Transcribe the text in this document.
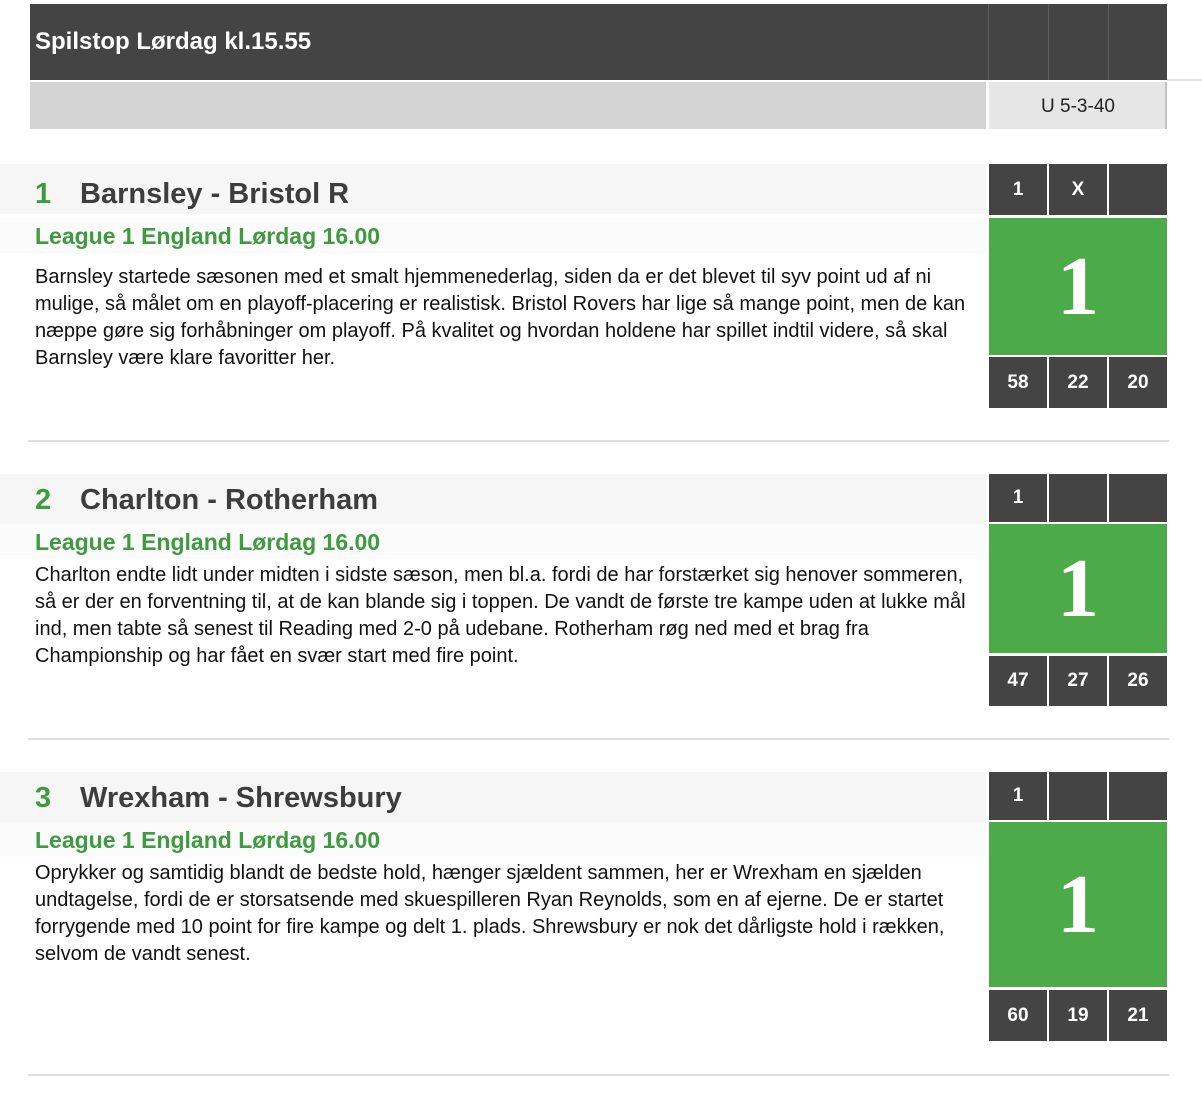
Spilstop Lørdag kl.15.55
U 5-3-40
1 Barnsley - Bristol R
League 1 England Lørdag 16.00
Barnsley startede sæsonen med et smalt hjemmenederlag, siden da er det blevet til syv point ud af ni mulige, så målet om en playoff-placering er realistisk. Bristol Rovers har lige så mange point, men de kan næppe gøre sig forhåbninger om playoff. På kvalitet og hvordan holdene har spillet indtil videre, så skal Barnsley være klare favoritter her.
1	X
1
58	22	20
2 Charlton - Rotherham
League 1 England Lørdag 16.00
Charlton endte lidt under midten i sidste sæson, men bl.a. fordi de har forstærket sig henover sommeren, så er der en forventning til, at de kan blande sig i toppen. De vandt de første tre kampe uden at lukke mål ind, men tabte så senest til Reading med 2-0 på udebane. Rotherham røg ned med et brag fra Championship og har fået en svær start med fire point.
1
1
47	27	26
3 Wrexham - Shrewsbury
League 1 England Lørdag 16.00
Oprykker og samtidig blandt de bedste hold, hænger sjældent sammen, her er Wrexham en sjælden undtagelse, fordi de er storsatsende med skuespilleren Ryan Reynolds, som en af ejerne. De er startet forrygende med 10 point for fire kampe og delt 1. plads. Shrewsbury er nok det dårligste hold i rækken, selvom de vandt senest.
1
1
60	19	21
